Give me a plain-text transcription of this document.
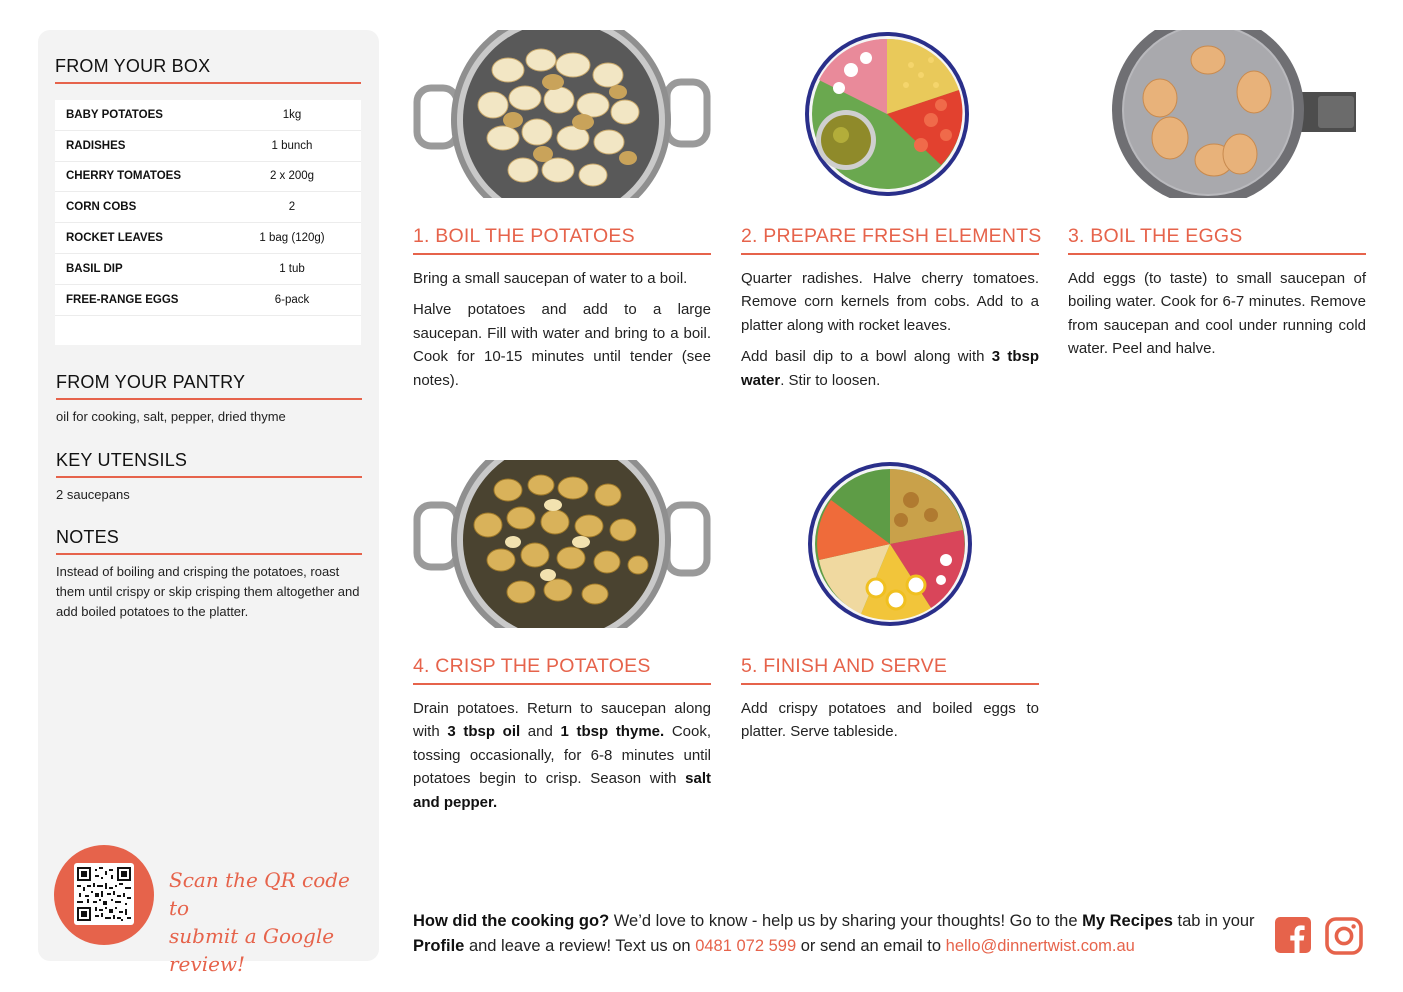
FROM YOUR BOX
BABY POTATOES	1kg
RADISHES	1 bunch
CHERRY TOMATOES	2 x 200g
CORN COBS	2
ROCKET LEAVES	1 bag (120g)
BASIL DIP	1 tub
FREE-RANGE EGGS	6-pack
FROM YOUR PANTRY
oil for cooking, salt, pepper, dried thyme
KEY UTENSILS
2 saucepans
NOTES
Instead of boiling and crisping the potatoes, roast them until crispy or skip crisping them altogether and add boiled potatoes to the platter.
Scan the QR code to
submit a Google review!
1. BOIL THE POTATOES

Bring a small saucepan of water to a boil.

Halve potatoes and add to a large saucepan. Fill with water and bring to a boil. Cook for 10-15 minutes until tender (see notes).

2. PREPARE FRESH ELEMENTS

Quarter radishes. Halve cherry tomatoes. Remove corn kernels from cobs. Add to a platter along with rocket leaves.

Add basil dip to a bowl along with 3 tbsp water. Stir to loosen.

3. BOIL THE EGGS

Add eggs (to taste) to small saucepan of boiling water. Cook for 6-7 minutes. Remove from saucepan and cool under running cold water. Peel and halve.

4. CRISP THE POTATOES

Drain potatoes. Return to saucepan along with 3 tbsp oil and 1 tbsp thyme. Cook, tossing occasionally, for 6-8 minutes until potatoes begin to crisp. Season with salt and pepper.

5. FINISH AND SERVE

Add crispy potatoes and boiled eggs to platter. Serve tableside.

How did the cooking go? We’d love to know - help us by sharing your thoughts! Go to the My Recipes tab in your Profile and leave a review! Text us on 0481 072 599 or send an email to hello@dinnertwist.com.au
